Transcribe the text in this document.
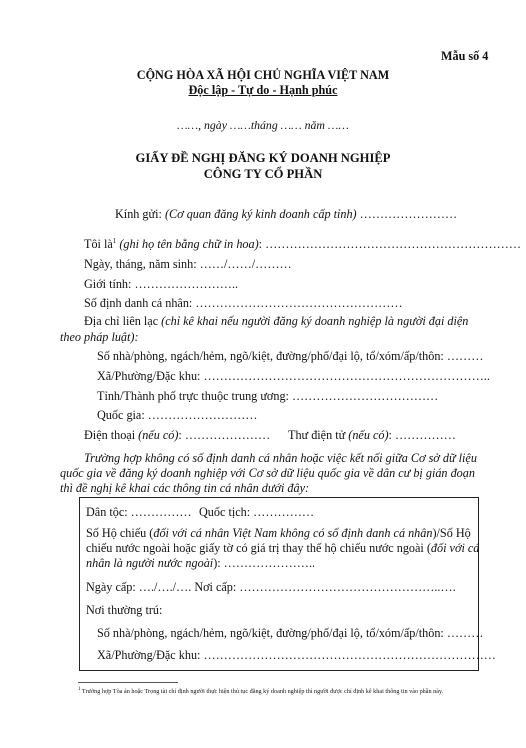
Mẫu số 4
CỘNG HÒA XÃ HỘI CHỦ NGHĨA VIỆT NAM
Độc lập - Tự do - Hạnh phúc
……, ngày ……tháng …… năm ……
GIẤY ĐỀ NGHỊ ĐĂNG KÝ DOANH NGHIỆP
CÔNG TY CỔ PHẦN
Kính gửi: (Cơ quan đăng ký kinh doanh cấp tỉnh) ……………………
Tôi $là^1$ (ghi họ tên bằng chữ in hoa): ………………………………………………………
Ngày, tháng, năm sinh: ……/……/………
Giới tính: ……………………..
Số định danh cá nhân: ……………………………………………
Địa chỉ liên lạc (chỉ kê khai nếu người đăng ký doanh nghiệp là người đại diện
theo pháp luật):
Số nhà/phòng, ngách/hẻm, ngõ/kiệt, đường/phố/đại lộ, tổ/xóm/ấp/thôn: ………
Xã/Phường/Đặc khu: ……………………………………………………………..
Tỉnh/Thành phố trực thuộc trung ương: ………………………………
Quốc gia: ………………………
Điện thoại (nếu có): ………………… Thư điện tử (nếu có): ……………
Trường hợp không có số định danh cá nhân hoặc việc kết nối giữa Cơ sở dữ liệu
quốc gia về đăng ký doanh nghiệp với Cơ sở dữ liệu quốc gia về dân cư bị gián đoạn
thì đề nghị kê khai các thông tin cá nhân dưới đây:
Dân tộc: …………… Quốc tịch: ……………
Số Hộ chiếu (đối với cá nhân Việt Nam không có số định danh cá nhân)/Số Hộ
chiếu nước ngoài hoặc giấy tờ có giá trị thay thế hộ chiếu nước ngoài (đối với cá
nhân là người nước ngoài): …………………..
Ngày cấp: …./…./…. Nơi cấp: …………………………………………..….
Nơi thường trú:
Số nhà/phòng, ngách/hẻm, ngõ/kiệt, đường/phố/đại lộ, tổ/xóm/ấp/thôn: ………
Xã/Phường/Đặc khu: ………………………………………………………………
$^1$ Trường hợp Tòa án hoặc Trọng tài chỉ định người thực hiện thủ tục đăng ký doanh nghiệp thì người được chỉ định kê khai thông tin vào phần này.
